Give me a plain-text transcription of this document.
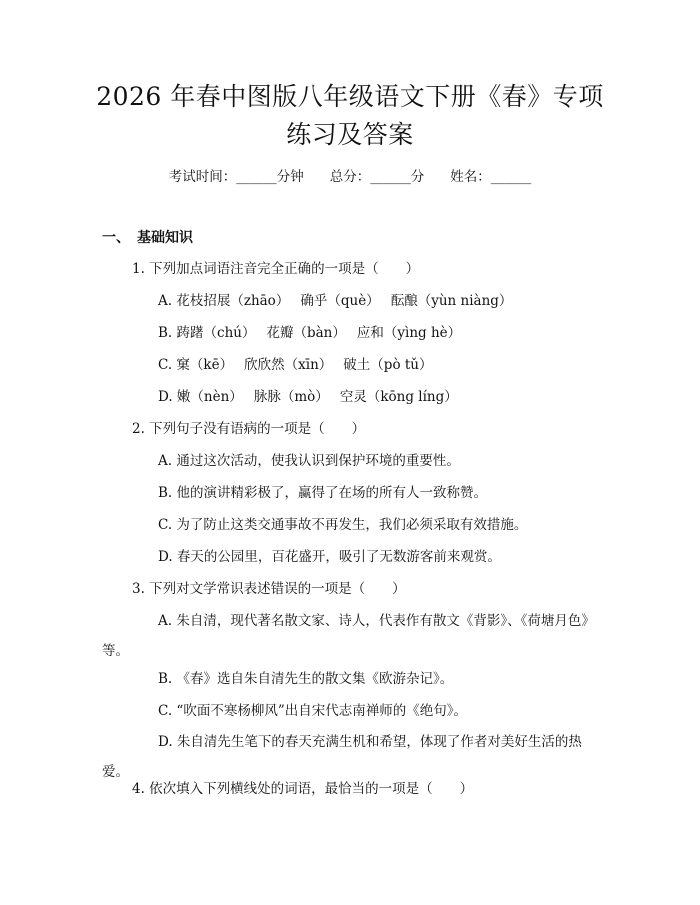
2026 年春中图版八年级语文下册《春》专项
练习及答案
考试时间：______分钟 总分：______分 姓名：______
一、　基础知识
1. 下列加点词语注音完全正确的一项是（　　）
A. 花枝招展（zhāo）　 确乎（què）　 酝酿（yùn niàng）
B. 踌躇（chú）　 花瓣（bàn）　 应和（yìng hè）
C. 窠（kē）　 欣欣然（xīn）　 破土（pò tǔ）
D. 嫩（nèn）　 脉脉（mò）　 空灵（kōng líng）
2. 下列句子没有语病的一项是（　　）
A. 通过这次活动，使我认识到保护环境的重要性。
B. 他的演讲精彩极了，赢得了在场的所有人一致称赞。
C. 为了防止这类交通事故不再发生，我们必须采取有效措施。
D. 春天的公园里，百花盛开，吸引了无数游客前来观赏。
3. 下列对文学常识表述错误的一项是（　　）
A. 朱自清，现代著名散文家、诗人，代表作有散文《背影》、《荷塘月色》等。
B. 《春》选自朱自清先生的散文集《欧游杂记》。
C. “吹面不寒杨柳风”出自宋代志南禅师的《绝句》。
D. 朱自清先生笔下的春天充满生机和希望，体现了作者对美好生活的热爱。
4. 依次填入下列横线处的词语，最恰当的一项是（　　）
